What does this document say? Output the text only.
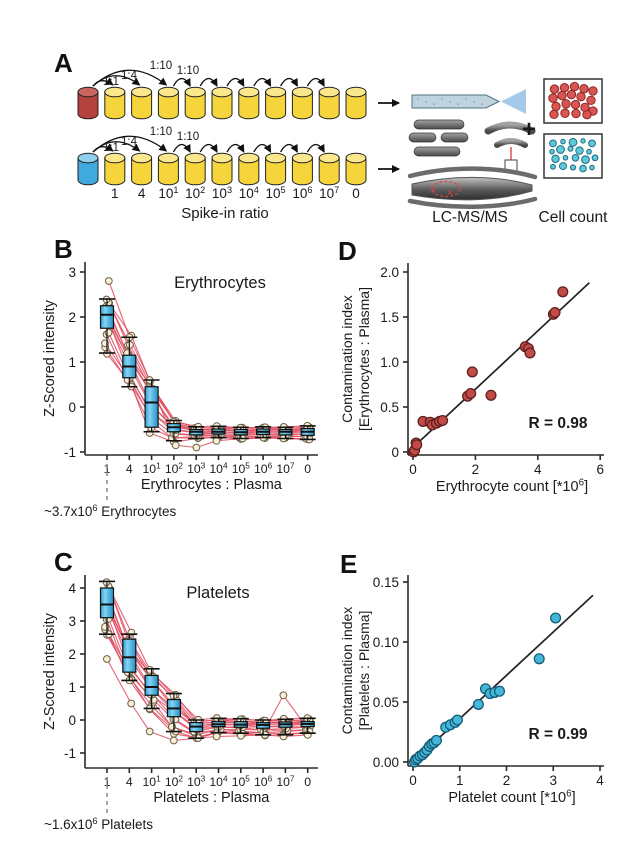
1:1 1:4
1:10 1:10
1:1 1:4
1:10 1:10
1 4 $10^1$ $10^2$ $10^3$ $10^4$ $10^5$ $10^6$ $10^7$ 0
Spike-in ratio
× ×
LC-MS/MS
+
Cell count
3
2
1
0
-1
1 4 $10^1$ $10^2$ $10^3$ $10^4$ $10^5$ $10^6$ $10^7$ 0
Erythrocytes
Z-Scored intensity
Erythrocytes : Plasma
$\sim 3.7x10^6$ Erythrocytes
4
3
2
1
0
-1
1 4 $10^1$ $10^2$ $10^3$ $10^4$ $10^5$ $10^6$ $10^7$ 0
Platelets
Z-Scored intensity
Platelets : Plasma
$\sim 1.6x10^6$ Platelets
2.0
1.5
1.0
0.5
0
0	2	4	6
Contamination index [Erythrocytes : Plasma]
Erythrocyte count $[*10^6]$
R = 0.98
0.15
0.10
0.05
0.00
0	1	2	3	4
Contamination index [Platelets : Plasma]
Platelet count $[*10^6]$
R = 0.99
A
B	D
C	E
